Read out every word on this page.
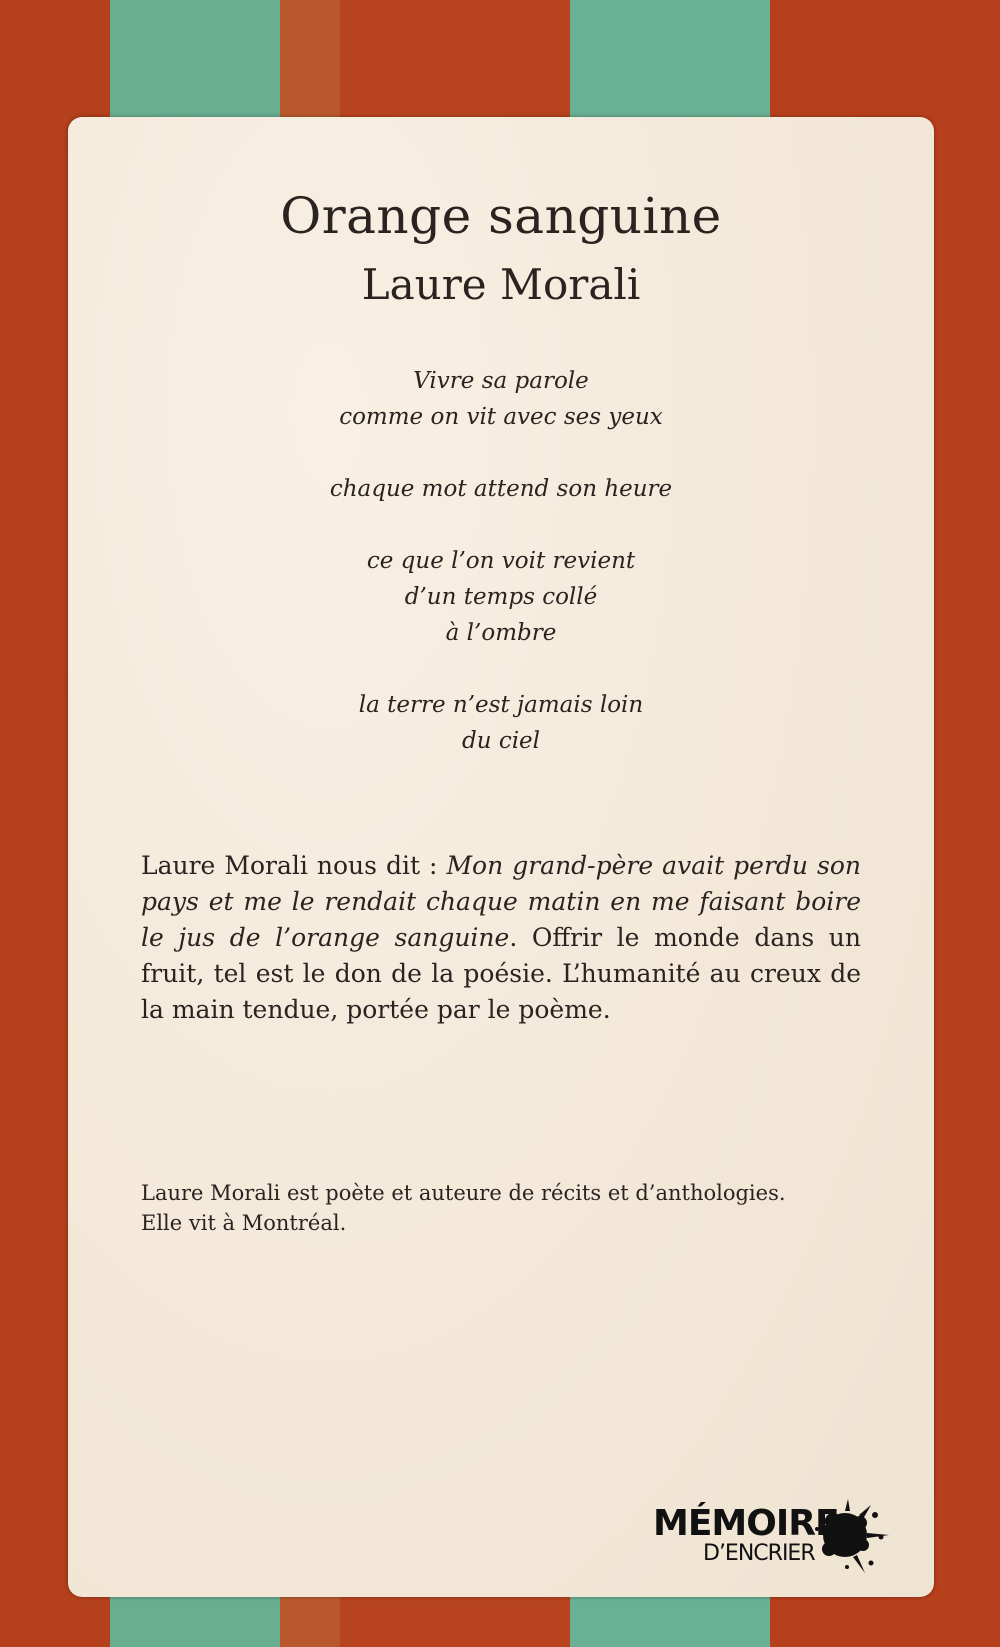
Orange sanguine
Laure Morali
Vivre sa parole
comme on vit avec ses yeux
chaque mot attend son heure
ce que l’on voit revient
d’un temps collé
à l’ombre
la terre n’est jamais loin
du ciel

Laure Morali nous dit : Mon grand-père avait perdu son pays et me le rendait chaque matin en me faisant boire le jus de l’orange sanguine. Offrir le monde dans un fruit, tel est le don de la poésie. L’humanité au creux de la main tendue, portée par le poème.

Laure Morali est poète et auteure de récits et d’anthologies.
Elle vit à Montréal.

MÉMOIRE
D’ENCRIER
